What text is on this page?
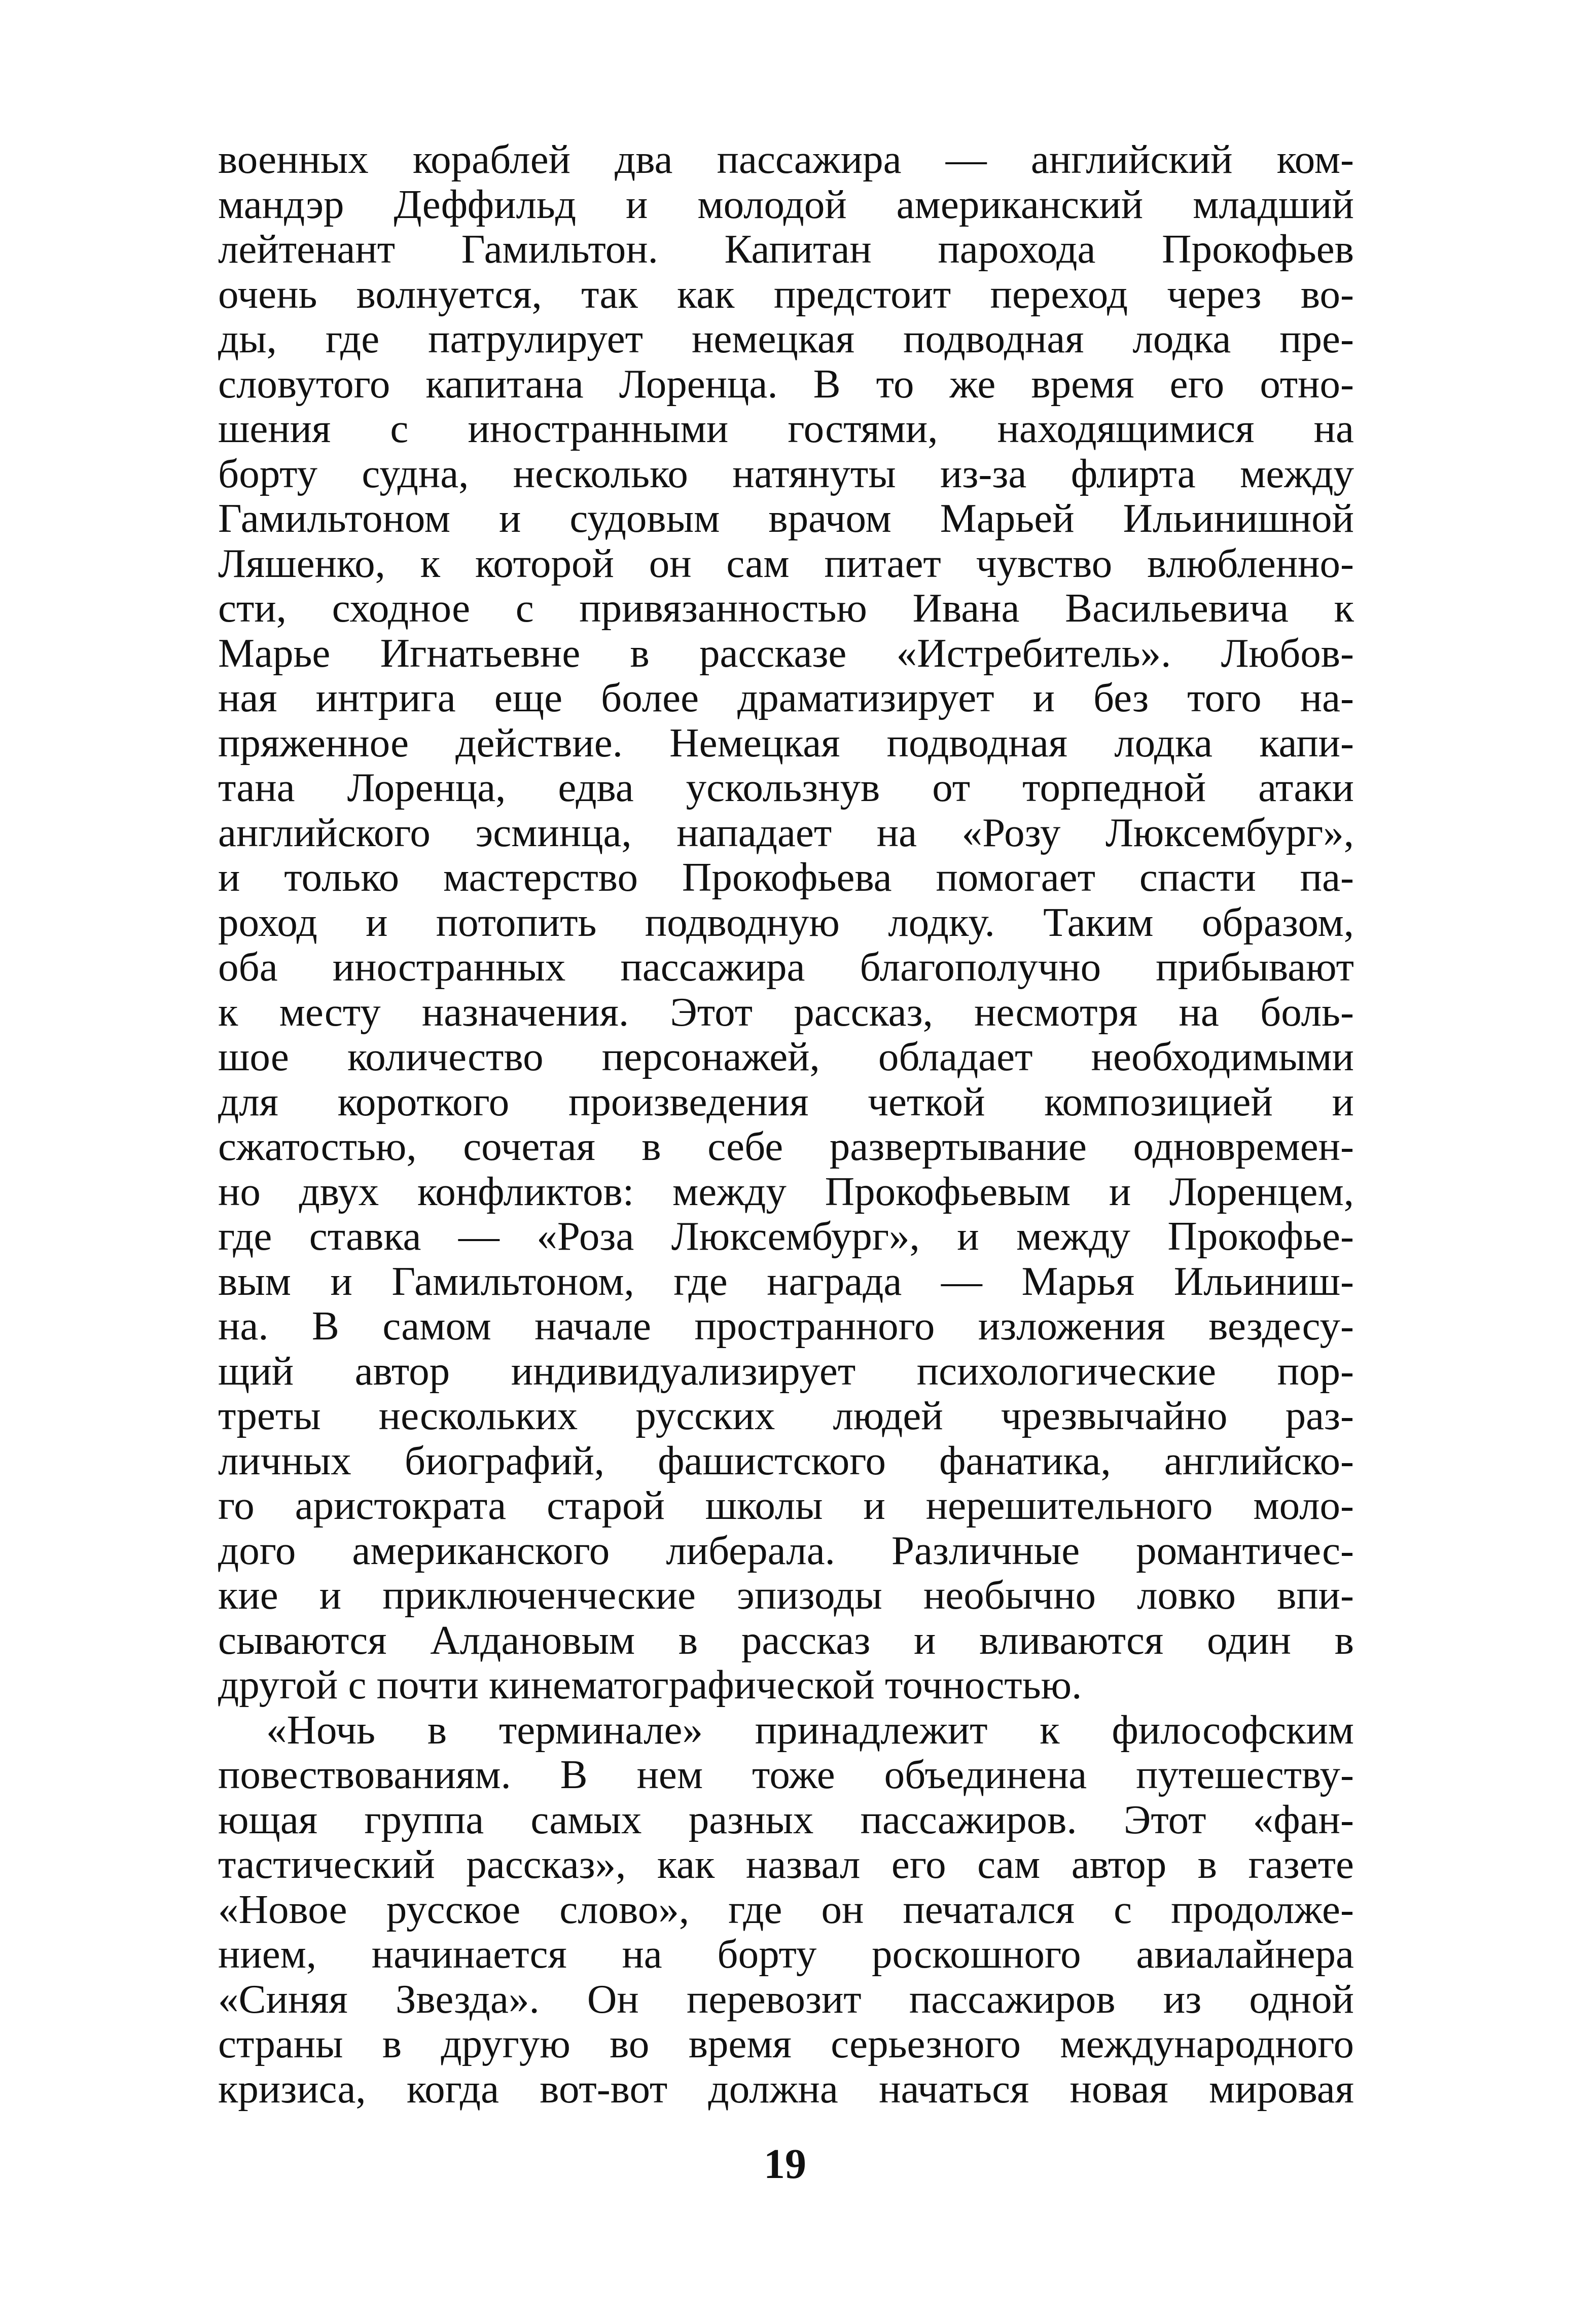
военных кораблей два пассажира — английский ком-
мандэр Деффильд и молодой американский младший
лейтенант Гамильтон. Капитан парохода Прокофьев
очень волнуется, так как предстоит переход через во-
ды, где патрулирует немецкая подводная лодка пре-
словутого капитана Лоренца. В то же время его отно-
шения с иностранными гостями, находящимися на
борту судна, несколько натянуты из-за флирта между
Гамильтоном и судовым врачом Марьей Ильинишной
Ляшенко, к которой он сам питает чувство влюбленно-
сти, сходное с привязанностью Ивана Васильевича к
Марье Игнатьевне в рассказе «Истребитель». Любов-
ная интрига еще более драматизирует и без того на-
пряженное действие. Немецкая подводная лодка капи-
тана Лоренца, едва ускользнув от торпедной атаки
английского эсминца, нападает на «Розу Люксембург»,
и только мастерство Прокофьева помогает спасти па-
роход и потопить подводную лодку. Таким образом,
оба иностранных пассажира благополучно прибывают
к месту назначения. Этот рассказ, несмотря на боль-
шое количество персонажей, обладает необходимыми
для короткого произведения четкой композицией и
сжатостью, сочетая в себе развертывание одновремен-
но двух конфликтов: между Прокофьевым и Лоренцем,
где ставка — «Роза Люксембург», и между Прокофье-
вым и Гамильтоном, где награда — Марья Ильиниш-
на. В самом начале пространного изложения вездесу-
щий автор индивидуализирует психологические пор-
треты нескольких русских людей чрезвычайно раз-
личных биографий, фашистского фанатика, английско-
го аристократа старой школы и нерешительного моло-
дого американского либерала. Различные романтичес-
кие и приключенческие эпизоды необычно ловко впи-
сываются Алдановым в рассказ и вливаются один в
другой с почти кинематографической точностью.
«Ночь в терминале» принадлежит к философским
повествованиям. В нем тоже объединена путешеству-
ющая группа самых разных пассажиров. Этот «фан-
тастический рассказ», как назвал его сам автор в газете
«Новое русское слово», где он печатался с продолже-
нием, начинается на борту роскошного авиалайнера
«Синяя Звезда». Он перевозит пассажиров из одной
страны в другую во время серьезного международного
кризиса, когда вот-вот должна начаться новая мировая
19
